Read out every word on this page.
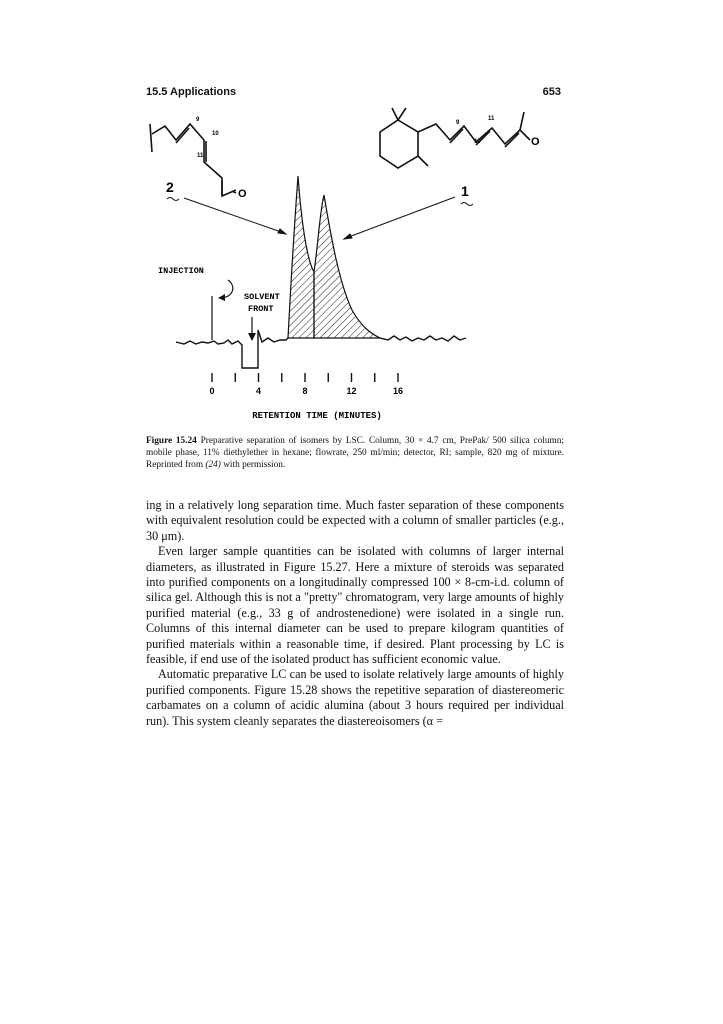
15.5 Applications	653
9
10
11
O
9
10
11
O
2	1
INJECTION
SOLVENT
FRONT
0	4	8	12	16
RETENTION TIME (MINUTES)
Figure 15.24 Preparative separation of isomers by LSC. Column, 30 × 4.7 cm, PrePak/ 500 silica column; mobile phase, 11% diethylether in hexane; flowrate, 250 ml/min; detector, RI; sample, 820 mg of mixture. Reprinted from (24) with permission.

ing in a relatively long separation time. Much faster separation of these components with equivalent resolution could be expected with a column of smaller particles (e.g., 30 μm).

Even larger sample quantities can be isolated with columns of larger internal diameters, as illustrated in Figure 15.27. Here a mixture of steroids was separated into purified components on a longitudinally compressed 100 × 8-cm-i.d. column of silica gel. Although this is not a "pretty" chromatogram, very large amounts of highly purified material (e.g., 33 g of androstenedione) were isolated in a single run. Columns of this internal diameter can be used to prepare kilogram quantities of purified materials within a reasonable time, if desired. Plant processing by LC is feasible, if end use of the isolated product has sufficient economic value.

Automatic preparative LC can be used to isolate relatively large amounts of highly purified components. Figure 15.28 shows the repetitive separation of diastereomeric carbamates on a column of acidic alumina (about 3 hours required per individual run). This system cleanly separates the diastereoisomers (α =
